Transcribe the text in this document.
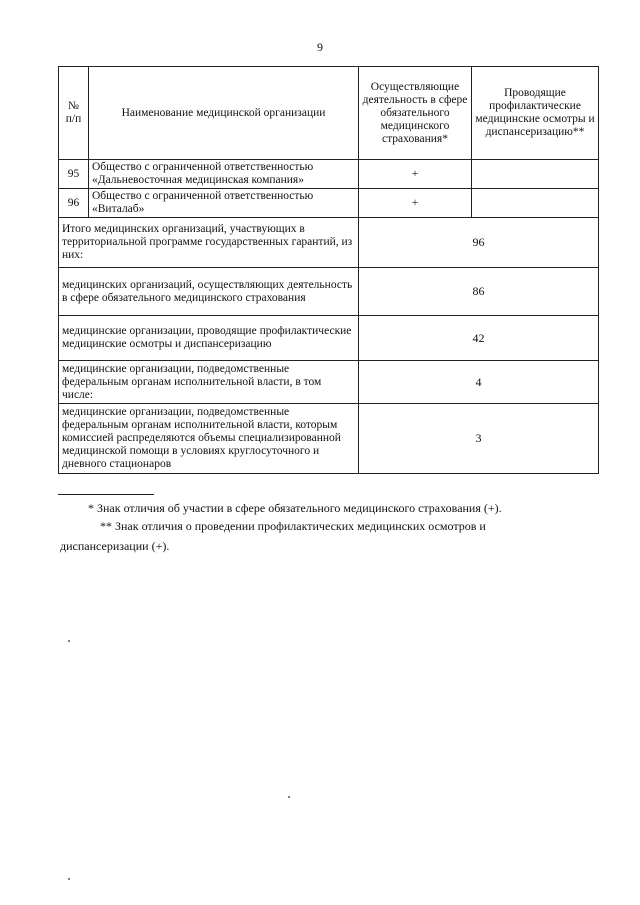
9
№ п/п	Наименование медицинской организации	Осуществляющие деятельность в сфере обязательного медицинского страхования*	Проводящие профилактические медицинские осмотры и диспансеризацию**
95	Общество с ограниченной ответственностью «Дальневосточная медицинская компания»	+	
96	Общество с ограниченной ответственностью «Виталаб»	+	
Итого медицинских организаций, участвующих в территориальной программе государственных гарантий, из них:		96	
медицинских организаций, осуществляющих деятельность в сфере обязательного медицинского страхования		86	
медицинские организации, проводящие профилактические медицинские осмотры и диспансеризацию		42	
медицинские организации, подведомственные федеральным органам исполнительной власти, в том числе:		4	
медицинские организации, подведомственные федеральным органам исполнительной власти, которым комиссией распределяются объемы специализированной медицинской помощи в условиях круглосуточного и дневного стационаров		3	
* Знак отличия об участии в сфере обязательного медицинского страхования (+).
** Знак отличия о проведении профилактических медицинских осмотров и
диспансеризации (+).
